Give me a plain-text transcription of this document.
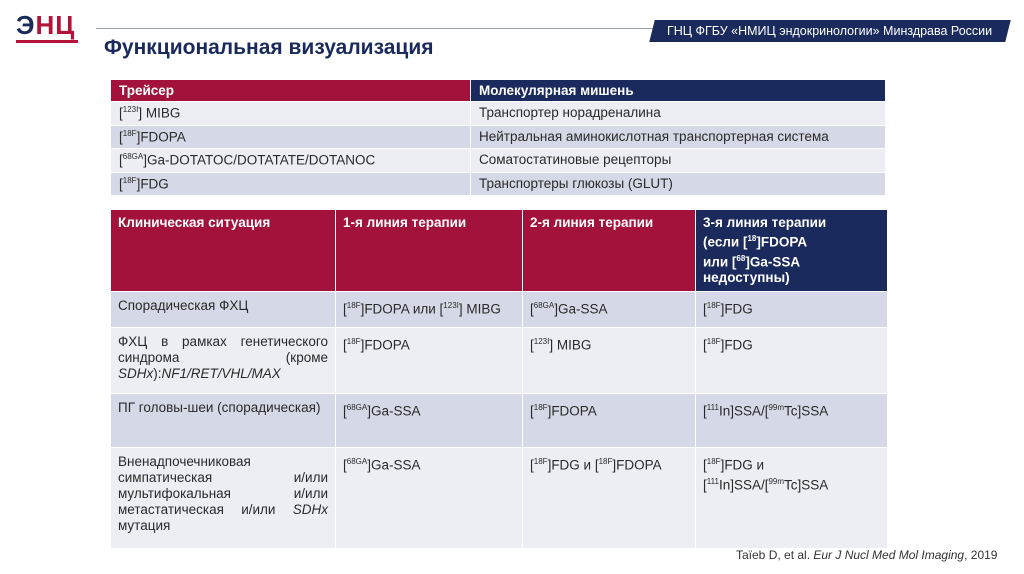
ЭНЦ	ГНЦ ФГБУ «НМИЦ эндокринологии» Минздрава России
Функциональная визуализация
Трейсер	Молекулярная мишень
[$^{123I}$] MIBG	Транспортер норадреналина
[$^{18F}$]FDOPA	Нейтральная аминокислотная транспортерная система
[$^{68GA}$]Ga-DOTATOC/DOTATATE/DOTANOC	Соматостатиновые рецепторы
[$^{18F}$]FDG	Транспортеры глюкозы (GLUT)
Клиническая ситуация	1-я линия терапии	2-я линия терапии	3-я линия терапии
(если [$^{18}$]FDOPA
или [$^{68}$]Ga-SSA
недоступны)

Спорадическая ФХЦ	[$^{18F}$]FDOPA или [$^{123I}$] MIBG	[$^{68GA}$]Ga-SSA	[$^{18F}$]FDG
ФХЦ в рамках генетического синдрома (кроме SDHx):NF1/RET/VHL/MAX	[$^{18F}$]FDOPA	[$^{123I}$] MIBG	[$^{18F}$]FDG
ПГ головы-шеи (спорадическая)	[$^{68GA}$]Ga-SSA	[$^{18F}$]FDOPA	[$^{111}$In]SSA/[$^{99m}$Tc]SSA
Вненадпочечниковая симпатическая и/или мультифокальная и/или метастатическая и/или SDHx мутация	[$^{68GA}$]Ga-SSA	[$^{18F}$]FDG и [$^{18F}$]FDOPA	[$^{18F}$]FDG и
[$^{111}$In]SSA/[$^{99m}$Tc]SSA
Taïeb D, et al. Eur J Nucl Med Mol Imaging, 2019
